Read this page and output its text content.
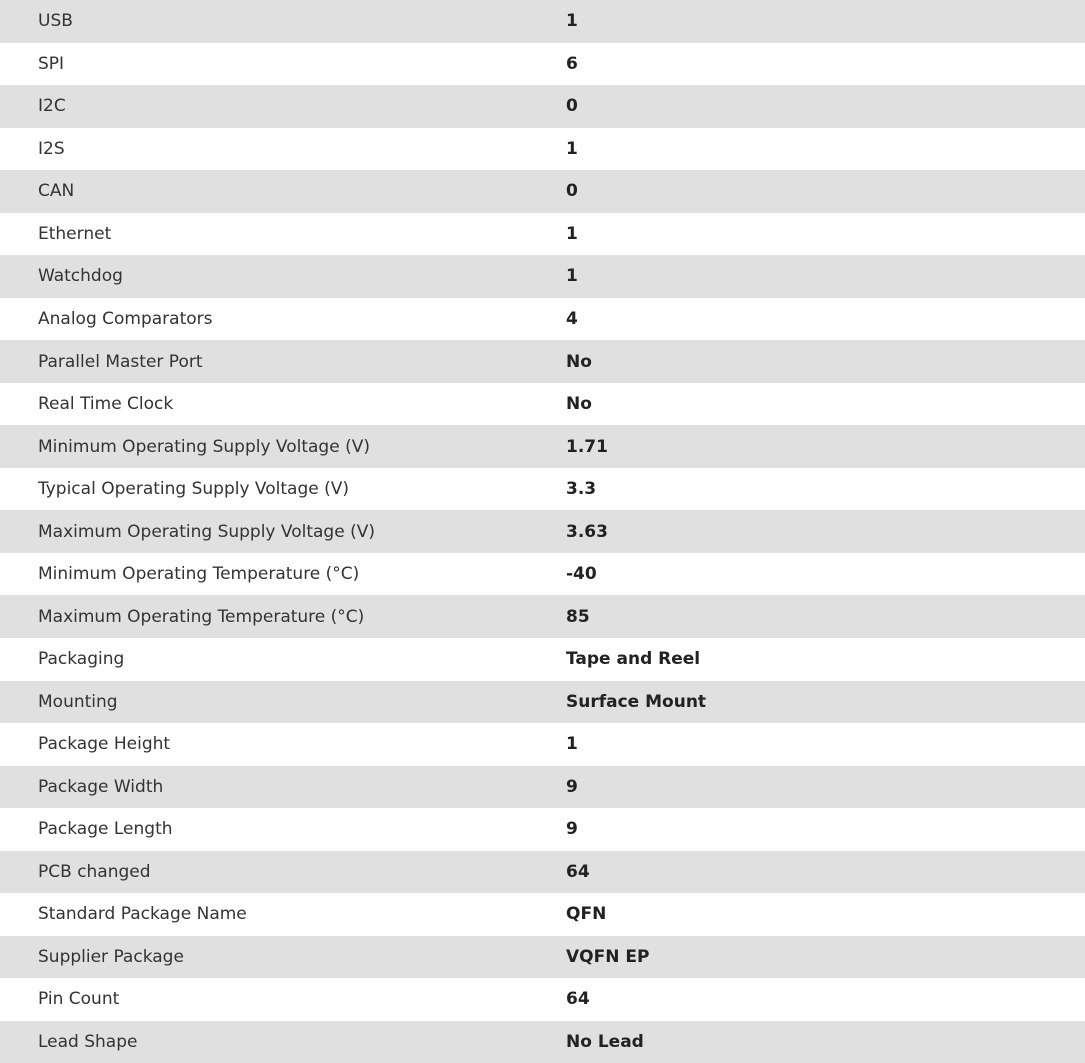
USB	1
SPI	6
I2C	0
I2S	1
CAN	0
Ethernet	1
Watchdog	1
Analog Comparators	4
Parallel Master Port	No
Real Time Clock	No
Minimum Operating Supply Voltage (V)	1.71
Typical Operating Supply Voltage (V)	3.3
Maximum Operating Supply Voltage (V)	3.63
Minimum Operating Temperature (°C)	-40
Maximum Operating Temperature (°C)	85
Packaging	Tape and Reel
Mounting	Surface Mount
Package Height	1
Package Width	9
Package Length	9
PCB changed	64
Standard Package Name	QFN
Supplier Package	VQFN EP
Pin Count	64
Lead Shape	No Lead
